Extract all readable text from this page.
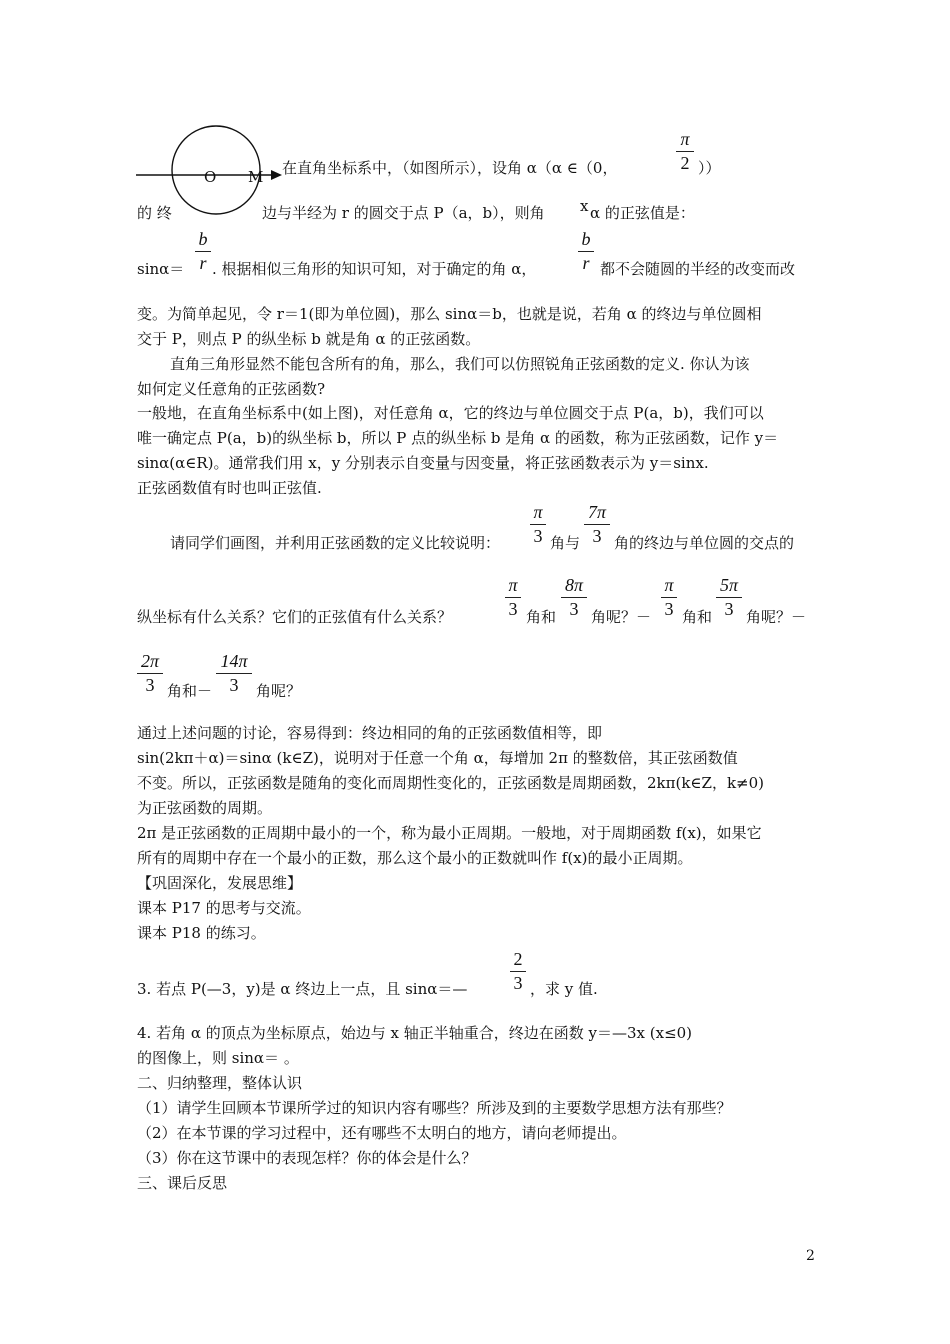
O M 在直角坐标系中，（如图所示），设角 α（α ∈（0，
π
2 ））
的 终	边与半经为 r 的圆交于点 P（a，b），则角 x α 的正弦值是：
sinα＝
b
r . 根据相似三角形的知识可知，对于确定的角 α，
b
r 都不会随圆的半经的改变而改
变。为简单起见，令 r＝1(即为单位圆)，那么 sinα＝b，也就是说，若角 α 的终边与单位圆相
交于 P，则点 P 的纵坐标 b 就是角 α 的正弦函数。
直角三角形显然不能包含所有的角，那么，我们可以仿照锐角正弦函数的定义. 你认为该
如何定义任意角的正弦函数?
一般地，在直角坐标系中(如上图)，对任意角 α，它的终边与单位圆交于点 P(a，b)，我们可以
唯一确定点 P(a，b)的纵坐标 b，所以 P 点的纵坐标 b 是角 α 的函数，称为正弦函数，记作 y＝
sinα(α∈R)。通常我们用 x，y 分别表示自变量与因变量，将正弦函数表示为 y＝sinx.
正弦函数值有时也叫正弦值.
请同学们画图，并利用正弦函数的定义比较说明：
π
3 角与
7π
3 角的终边与单位圆的交点的
纵坐标有什么关系？它们的正弦值有什么关系？
π
3 角和
8π
3 角呢？－
π
3 角和
5π
3 角呢？－
2π
3 角和－
14π
3	角呢？
通过上述问题的讨论，容易得到：终边相同的角的正弦函数值相等，即
sin(2kπ＋α)＝sinα (k∈Z)，说明对于任意一个角 α，每增加 2π 的整数倍，其正弦函数值
不变。所以，正弦函数是随角的变化而周期性变化的，正弦函数是周期函数，2kπ(k∈Z，k≠0)
为正弦函数的周期。
2π 是正弦函数的正周期中最小的一个，称为最小正周期。一般地，对于周期函数 f(x)，如果它
所有的周期中存在一个最小的正数，那么这个最小的正数就叫作 f(x)的最小正周期。
【巩固深化，发展思维】
课本 P17 的思考与交流。
课本 P18 的练习。
3. 若点 P(—3，y)是 α 终边上一点，且 sinα＝—
2
3 ，求 y 值.
4. 若角 α 的顶点为坐标原点，始边与 x 轴正半轴重合，终边在函数 y＝—3x (x≤0)
的图像上，则 sinα＝ 。
二、归纳整理，整体认识
（1）请学生回顾本节课所学过的知识内容有哪些？所涉及到的主要数学思想方法有那些？
（2）在本节课的学习过程中，还有哪些不太明白的地方，请向老师提出。
（3）你在这节课中的表现怎样？你的体会是什么？
三、课后反思
2
